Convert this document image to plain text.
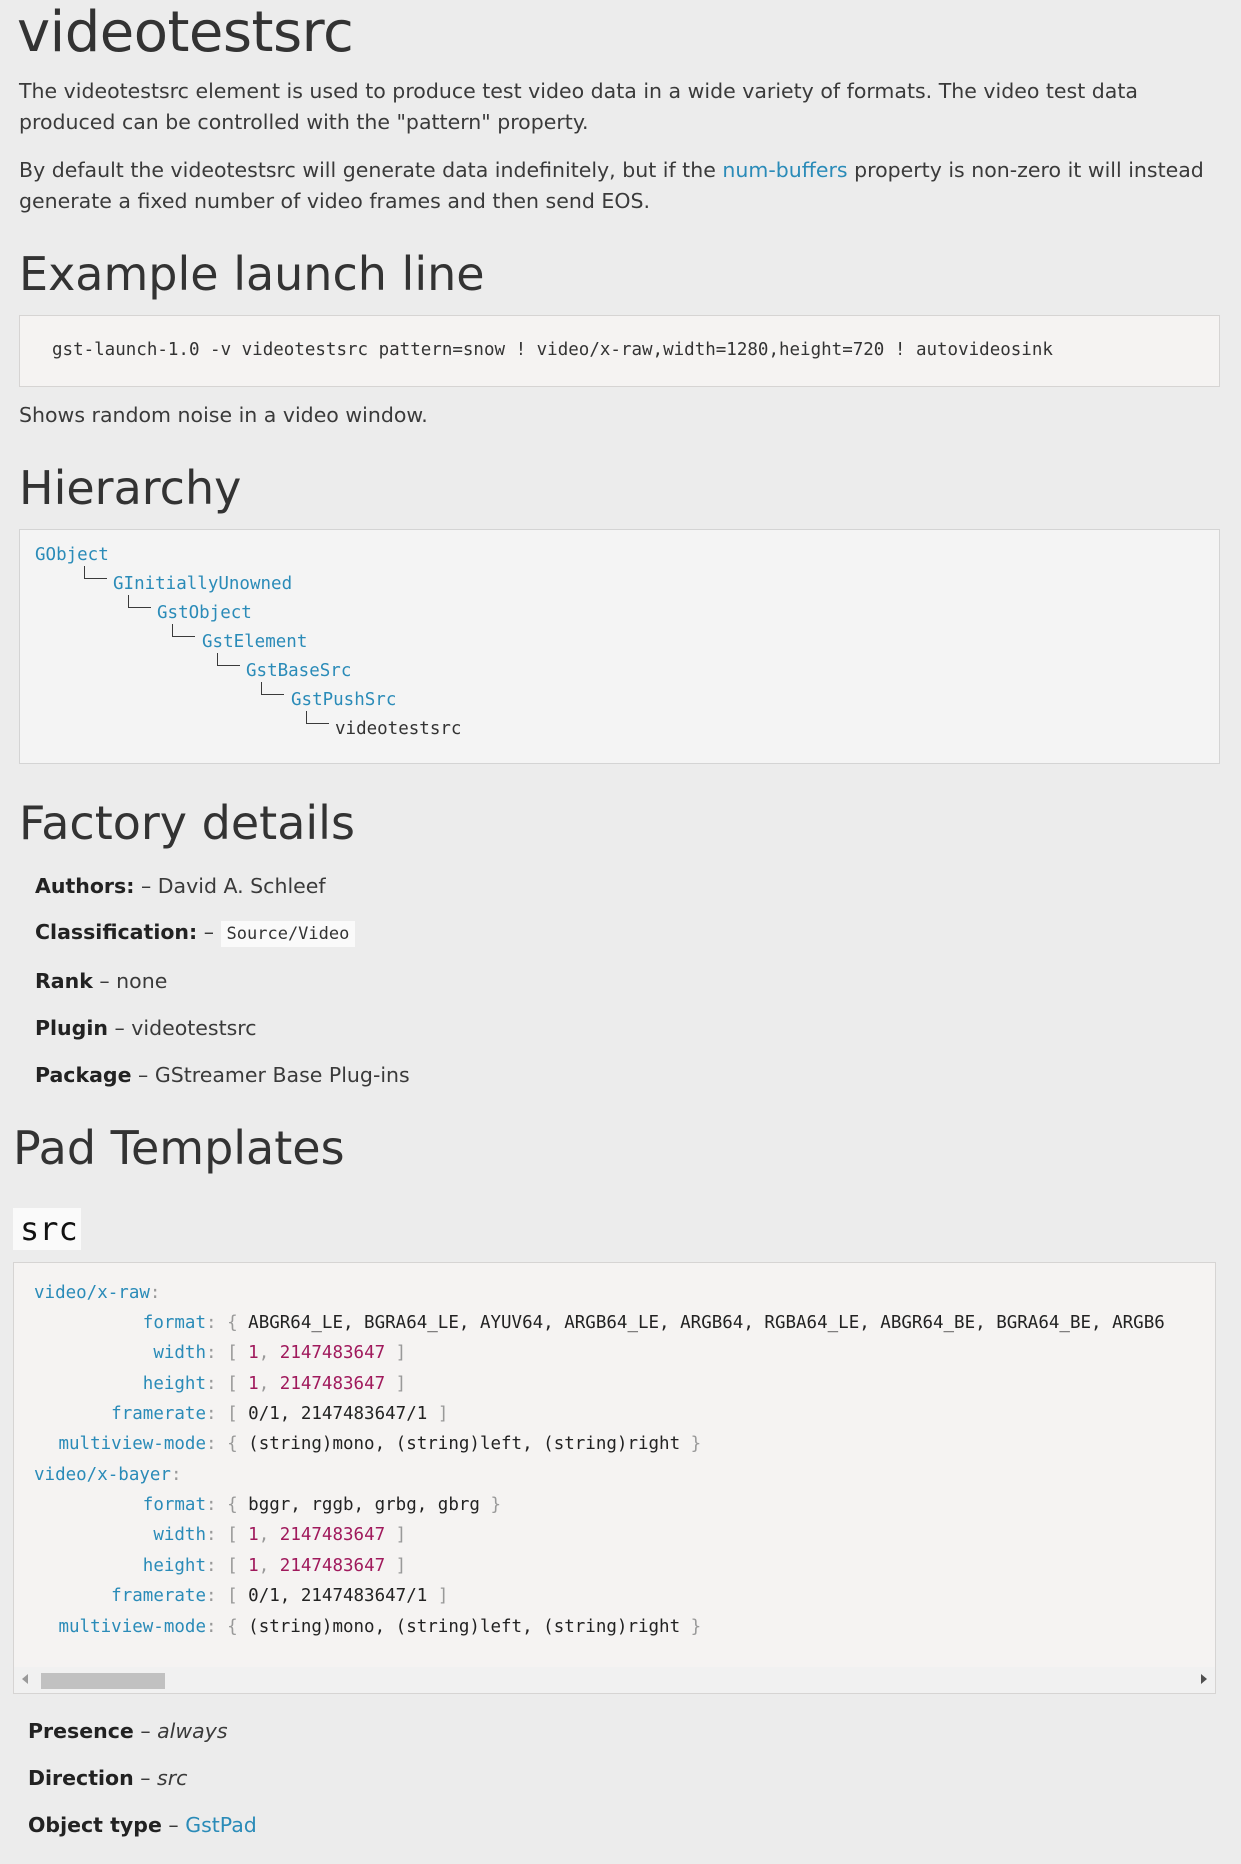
videotestsrc

The videotestsrc element is used to produce test video data in a wide variety of formats. The video test data produced can be controlled with the "pattern" property.

By default the videotestsrc will generate data indefinitely, but if the num-buffers property is non-zero it will instead generate a fixed number of video frames and then send EOS.

Example launch line
gst-launch-1.0 -v videotestsrc pattern=snow ! video/x-raw,width=1280,height=720 ! autovideosink

Shows random noise in a video window.

Hierarchy
GObject
GInitiallyUnowned
GstObject
GstElement
GstBaseSrc
GstPushSrc
videotestsrc
Factory details
Authors: – David A. Schleef
Classification: – Source/Video
Rank – none
Plugin – videotestsrc
Package – GStreamer Base Plug-ins
Pad Templates
src
video/x-raw:
format: { ABGR64_LE, BGRA64_LE, AYUV64, ARGB64_LE, ARGB64, RGBA64_LE, ABGR64_BE, BGRA64_BE, ARGB6
width: [ 1, 2147483647 ]
height: [ 1, 2147483647 ]
framerate: [ 0/1, 2147483647/1 ]
multiview-mode: { (string)mono, (string)left, (string)right }
video/x-bayer:
format: { bggr, rggb, grbg, gbrg }
width: [ 1, 2147483647 ]
height: [ 1, 2147483647 ]
framerate: [ 0/1, 2147483647/1 ]
multiview-mode: { (string)mono, (string)left, (string)right }
Presence – always
Direction – src
Object type – GstPad
